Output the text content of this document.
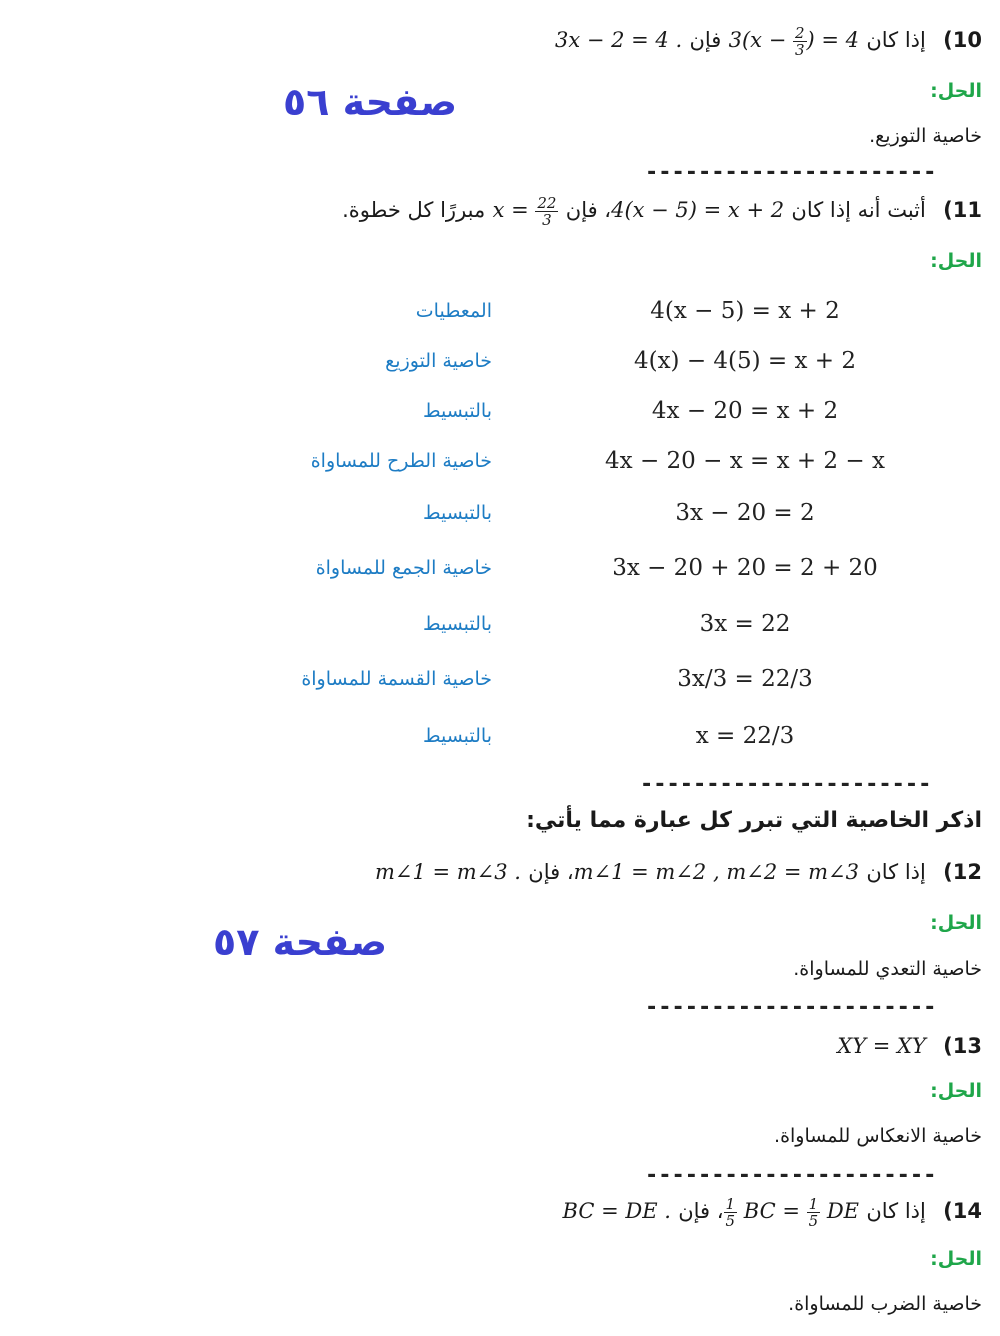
صفحة ٥٦
صفحة ٥٧
10) إذا كان $3(x - \frac{2}{3}$ ) = 4 فإن 3x − 2 = 4 .
الحل:
خاصية التوزيع.
----------------------
11) أثبت أنه إذا كان 4(x − 5) = x + 2، فإن $x = \frac{22}{3}$
مبررًا كل خطوة.
الحل:
المعطيات	4(x − 5) = x + 2
خاصية التوزيع	4(x) − 4(5) = x + 2
بالتبسيط	4x − 20 = x + 2
خاصية الطرح للمساواة	4x − 20 − x = x + 2 − x
بالتبسيط	3x − 20 = 2
خاصية الجمع للمساواة	3x − 20 + 20 = 2 + 20
بالتبسيط	3x = 22
خاصية القسمة للمساواة	3x/3 = 22/3
بالتبسيط	x = 22/3
----------------------
اذكر الخاصية التي تبرر كل عبارة مما يأتي:
12) إذا كان m∠1 = m∠2 , m∠2 = m∠3، فإن m∠1 = m∠3 .
الحل:
خاصية التعدي للمساواة.
----------------------
13) XY = XY
الحل:
خاصية الانعكاس للمساواة.
----------------------
14) إذا كان
$\frac{1}{5}$ BC = $\frac{1}{5}$ DE، فإن BC = DE .
الحل:
خاصية الضرب للمساواة.
